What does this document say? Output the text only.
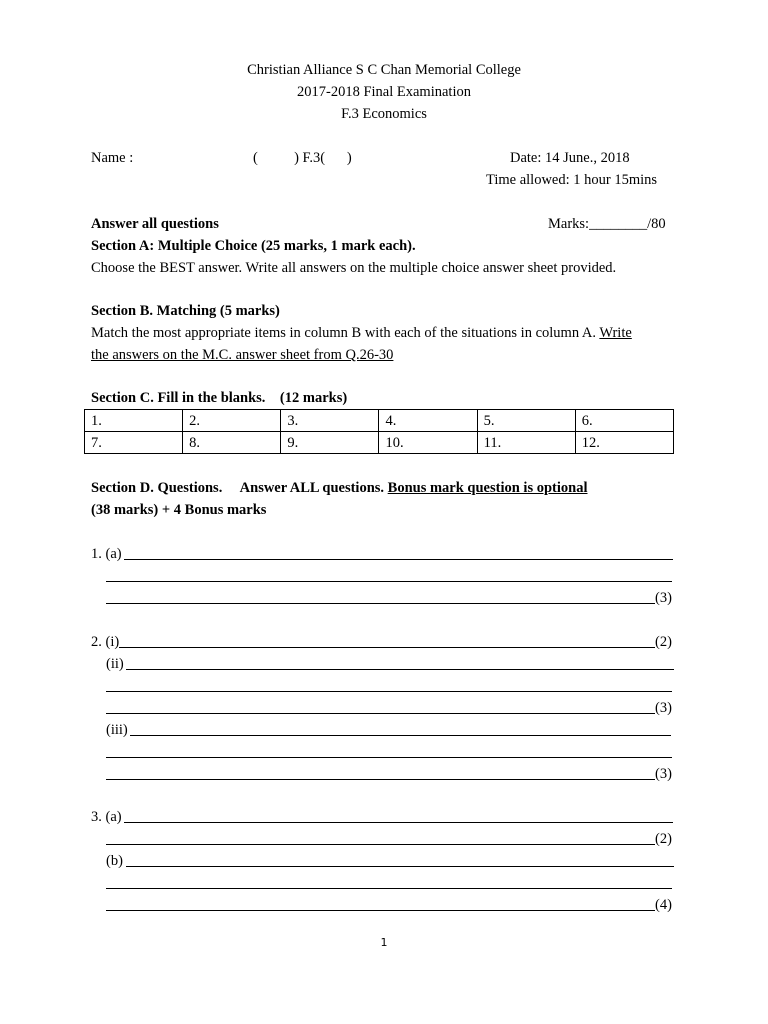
Christian Alliance S C Chan Memorial College
2017-2018 Final Examination
F.3 Economics
Name :	(          ) F.3(      )	Date: 14 June., 2018
Time allowed: 1 hour 15mins
Answer all questions	Marks:________/80
Section A: Multiple Choice (25 marks, 1 mark each).
Choose the BEST answer. Write all answers on the multiple choice answer sheet provided.
Section B. Matching (5 marks)
Match the most appropriate items in column B with each of the situations in column A. Write
the answers on the M.C. answer sheet from Q.26-30
Section C. Fill in the blanks.    (12 marks)
1.	2.	3.	4.	5.	6.
7.	8.	9.	10.	11.	12.
Section D. Questions.     Answer ALL questions. Bonus mark question is optional
(38 marks) + 4 Bonus marks
1. (a)
(3)
2. (i)	(2)
(ii)
(3)
(iii)
(3)
3. (a)
(2)
(b)
(4)
1
